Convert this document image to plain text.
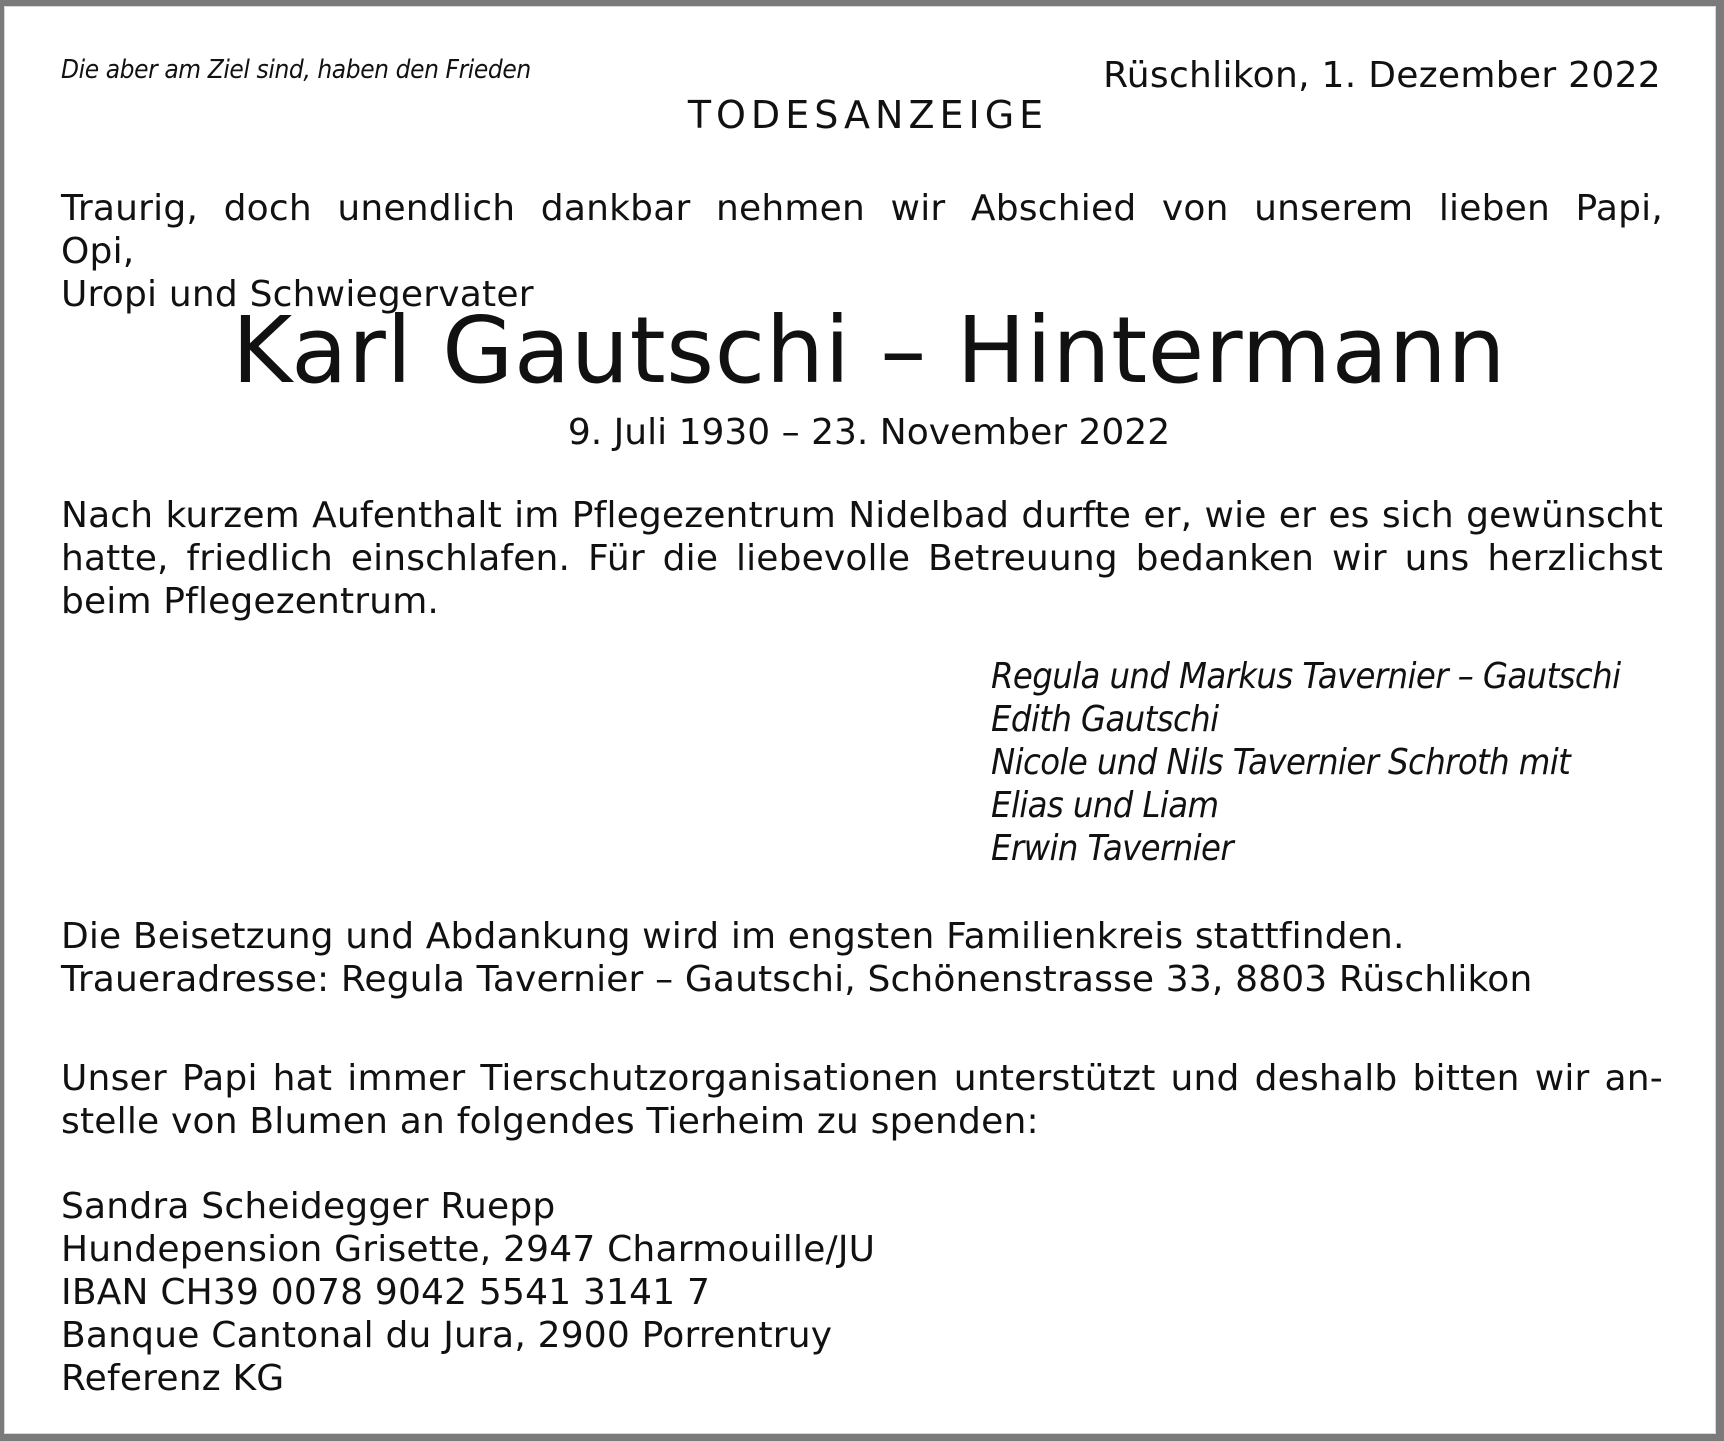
Die aber am Ziel sind, haben den Frieden	Rüschlikon, 1. Dezember 2022
TODESANZEIGE
Traurig, doch unendlich dankbar nehmen wir Abschied von unserem lieben Papi, Opi,
Uropi und Schwiegervater
Karl Gautschi – Hintermann
9. Juli 1930 – 23. November 2022
Nach kurzem Aufenthalt im Pflegezentrum Nidelbad durfte er, wie er es sich gewünscht hatte, friedlich einschlafen. Für die liebevolle Betreuung bedanken wir uns herzlichst beim Pflegezentrum.
Regula und Markus Tavernier – Gautschi
Edith Gautschi
Nicole und Nils Tavernier Schroth mit
Elias und Liam
Erwin Tavernier
Die Beisetzung und Abdankung wird im engsten Familienkreis stattfinden.
Traueradresse: Regula Tavernier – Gautschi, Schönenstrasse 33, 8803 Rüschlikon
Unser Papi hat immer Tierschutzorganisationen unterstützt und deshalb bitten wir an-
stelle von Blumen an folgendes Tierheim zu spenden:
Sandra Scheidegger Ruepp
Hundepension Grisette, 2947 Charmouille/JU
IBAN CH39 0078 9042 5541 3141 7
Banque Cantonal du Jura, 2900 Porrentruy
Referenz KG
